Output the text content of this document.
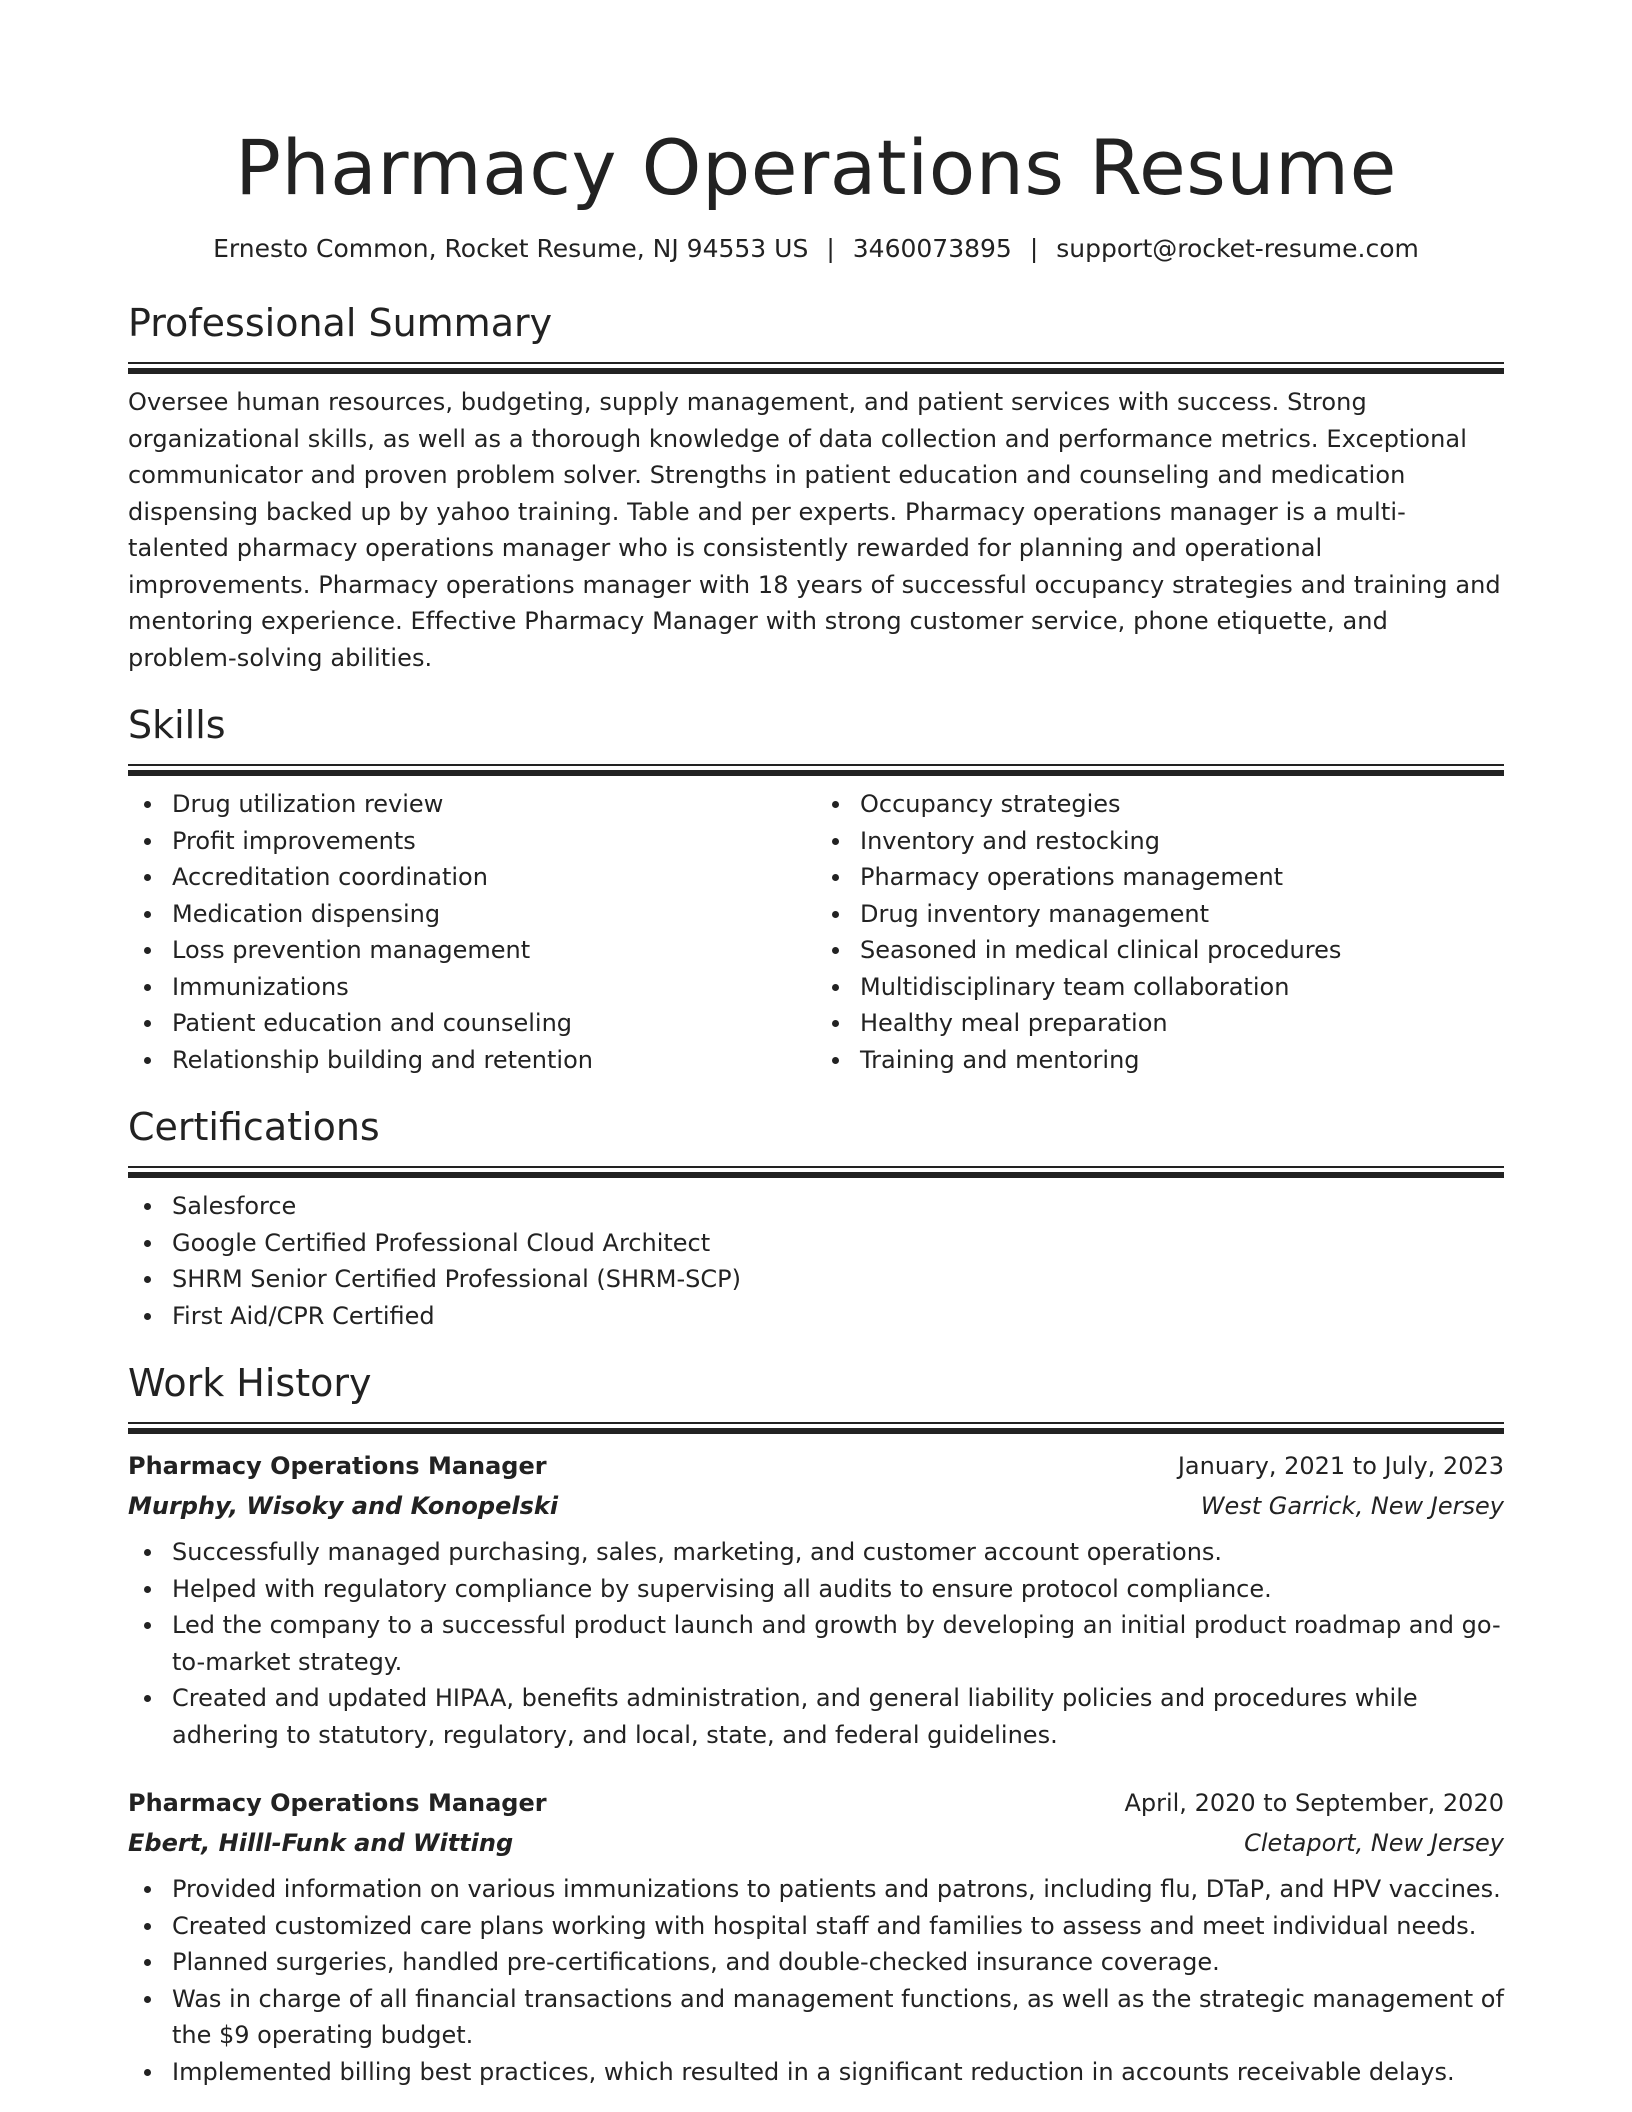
Pharmacy Operations Resume
Ernesto Common, Rocket Resume, NJ 94553 US | 3460073895 | support@rocket-resume.com
Professional Summary

Oversee human resources, budgeting, supply management, and patient services with success. Strong organizational skills, as well as a thorough knowledge of data collection and performance metrics. Exceptional communicator and proven problem solver. Strengths in patient education and counseling and medication dispensing backed up by yahoo training. Table and per experts. Pharmacy operations manager is a multi-talented pharmacy operations manager who is consistently rewarded for planning and operational improvements. Pharmacy operations manager with 18 years of successful occupancy strategies and training and mentoring experience. Effective Pharmacy Manager with strong customer service, phone etiquette, and problem-solving abilities.

Skills
Drug utilization review
Profit improvements
Accreditation coordination
Medication dispensing
Loss prevention management
Immunizations
Patient education and counseling
Relationship building and retention
Occupancy strategies
Inventory and restocking
Pharmacy operations management
Drug inventory management
Seasoned in medical clinical procedures
Multidisciplinary team collaboration
Healthy meal preparation
Training and mentoring
Certifications
Salesforce
Google Certified Professional Cloud Architect
SHRM Senior Certified Professional (SHRM-SCP)
First Aid/CPR Certified
Work History
Pharmacy Operations Manager	January, 2021 to July, 2023
Murphy, Wisoky and Konopelski	West Garrick, New Jersey
Successfully managed purchasing, sales, marketing, and customer account operations.
Helped with regulatory compliance by supervising all audits to ensure protocol compliance.
Led the company to a successful product launch and growth by developing an initial product roadmap and go-to-market strategy.
Created and updated HIPAA, benefits administration, and general liability policies and procedures while adhering to statutory, regulatory, and local, state, and federal guidelines.
Pharmacy Operations Manager	April, 2020 to September, 2020
Ebert, Hilll-Funk and Witting	Cletaport, New Jersey
Provided information on various immunizations to patients and patrons, including flu, DTaP, and HPV vaccines.
Created customized care plans working with hospital staff and families to assess and meet individual needs.
Planned surgeries, handled pre-certifications, and double-checked insurance coverage.
Was in charge of all financial transactions and management functions, as well as the strategic management of the $9 operating budget.
Implemented billing best practices, which resulted in a significant reduction in accounts receivable delays.
